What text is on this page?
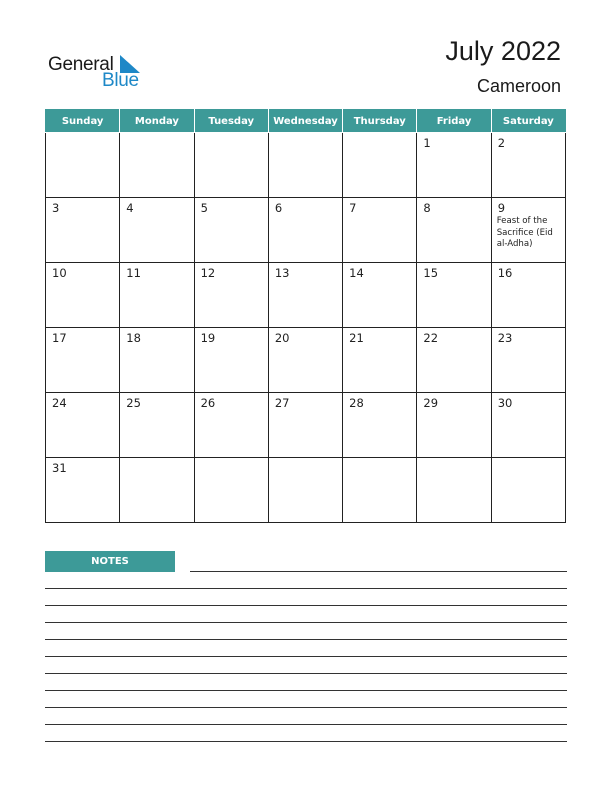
General
Blue
July 2022
Cameroon
Sunday	Monday	Tuesday	Wednesday	Thursday	Friday	Saturday

					1	2

3	4	5	6	7	8	9
Feast of the Sacrifice (Eid al-Adha)

10	11	12	13	14	15	16

17	18	19	20	21	22	23

24	25	26	27	28	29	30

31						

NOTES
